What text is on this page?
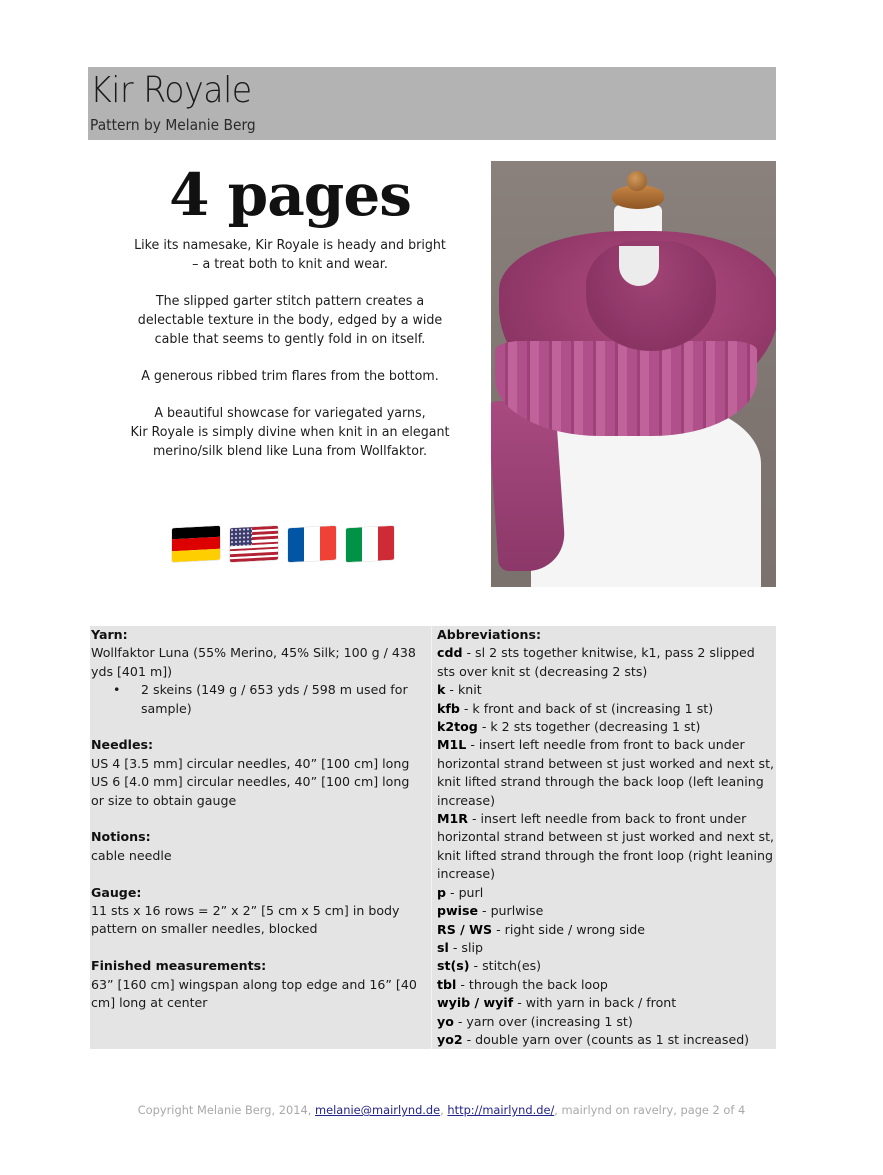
Kir Royale
Pattern by Melanie Berg
4 pages
Like its namesake, Kir Royale is heady and bright
– a treat both to knit and wear.
The slipped garter stitch pattern creates a
delectable texture in the body, edged by a wide
cable that seems to gently fold in on itself.
A generous ribbed trim flares from the bottom.
A beautiful showcase for variegated yarns,
Kir Royale is simply divine when knit in an elegant
merino/silk blend like Luna from Wollfaktor.
Yarn:
Wollfaktor Luna (55% Merino, 45% Silk; 100 g / 438
yds [401 m])
•	2 skeins (149 g / 653 yds / 598 m used for
sample)
Needles:
US 4 [3.5 mm] circular needles, 40” [100 cm] long
US 6 [4.0 mm] circular needles, 40” [100 cm] long
or size to obtain gauge
Notions:
cable needle
Gauge:
11 sts x 16 rows = 2” x 2” [5 cm x 5 cm] in body
pattern on smaller needles, blocked
Finished measurements:
63” [160 cm] wingspan along top edge and 16” [40
cm] long at center
Abbreviations:
cdd - sl 2 sts together knitwise, k1, pass 2 slipped sts over knit st (decreasing 2 sts)
k - knit
kfb - k front and back of st (increasing 1 st)
k2tog - k 2 sts together (decreasing 1 st)
M1L - insert left needle from front to back under horizontal strand between st just worked and next st, knit lifted strand through the back loop (left leaning increase)
M1R - insert left needle from back to front under horizontal strand between st just worked and next st, knit lifted strand through the front loop (right leaning increase)
p - purl
pwise - purlwise
RS / WS - right side / wrong side
sl - slip
st(s) - stitch(es)
tbl - through the back loop
wyib / wyif - with yarn in back / front
yo - yarn over (increasing 1 st)
yo2 - double yarn over (counts as 1 st increased)
Copyright Melanie Berg, 2014, melanie@mairlynd.de, http://mairlynd.de/, mairlynd on ravelry, page 2 of 4
